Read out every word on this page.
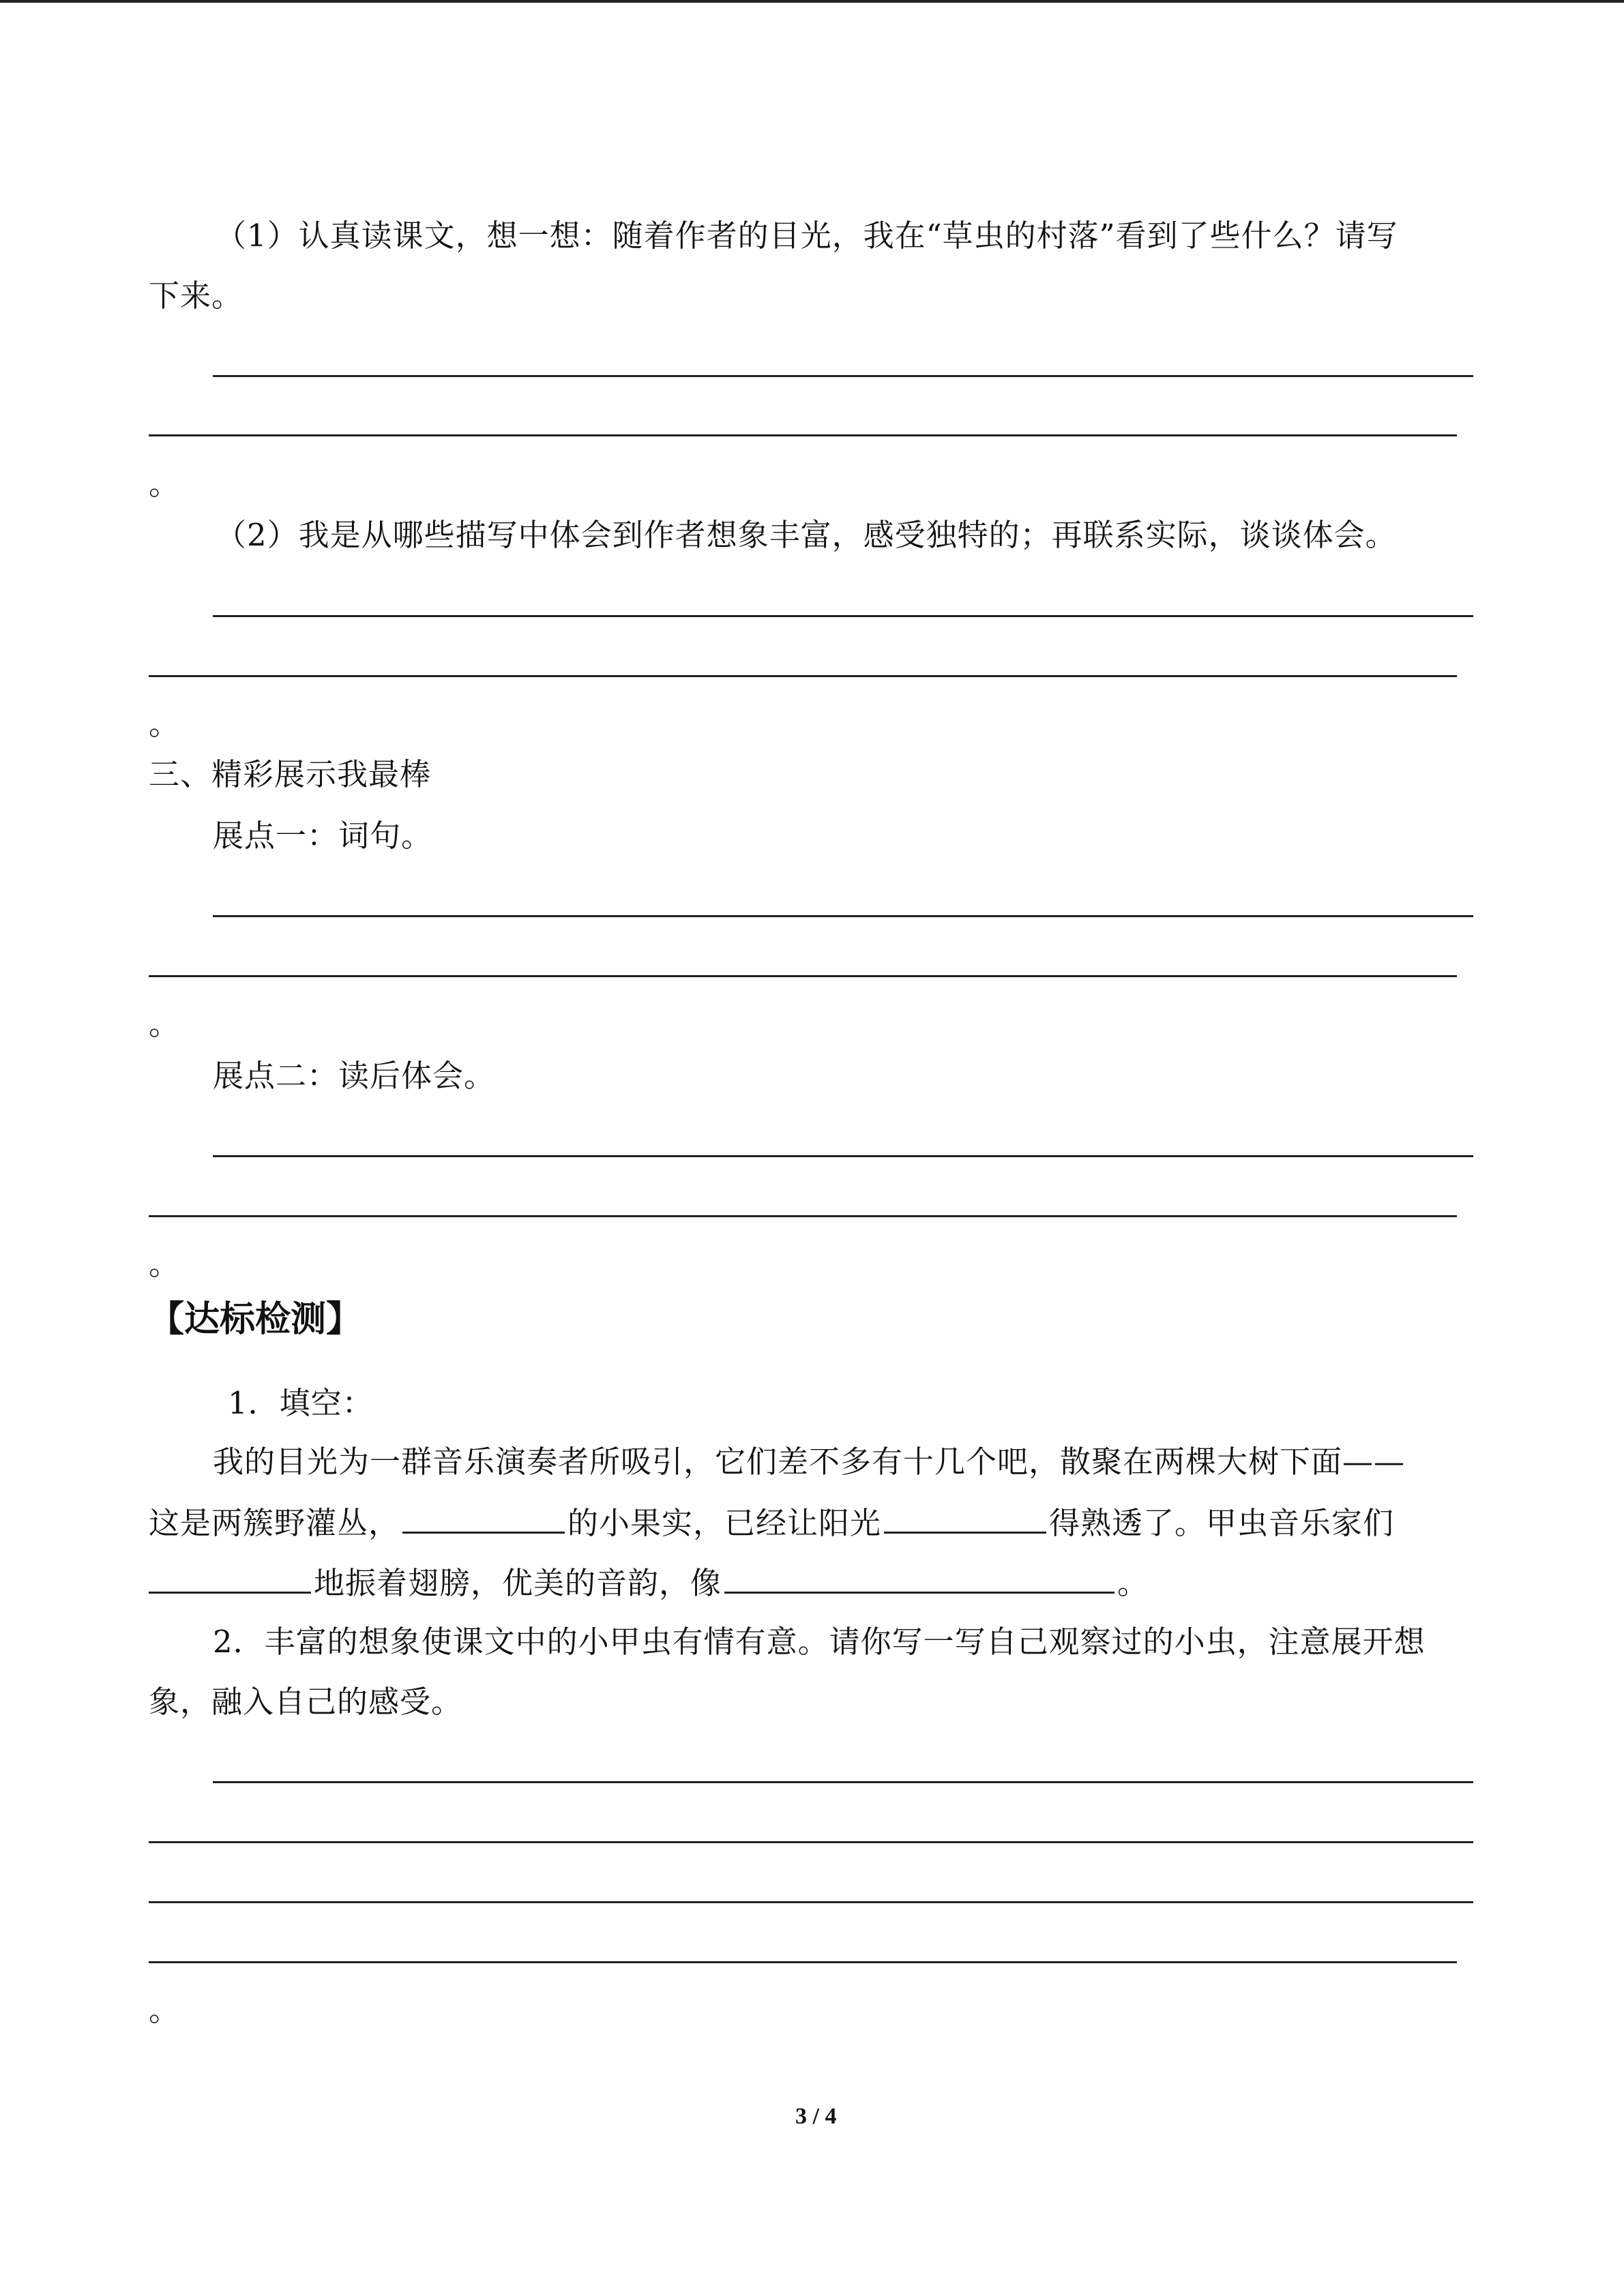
（1）认真读课文，想一想：随着作者的目光，我在“草虫的村落”看到了些什么？请写
下来。
。
（2）我是从哪些描写中体会到作者想象丰富，感受独特的；再联系实际，谈谈体会。
。
三、精彩展示我最棒
展点一：词句。
。
展点二：读后体会。
。
【达标检测】
1．填空：
我的目光为一群音乐演奏者所吸引，它们差不多有十几个吧，散聚在两棵大树下面——
这是两簇野灌丛，	的小果实，已经让阳光	得熟透了。甲虫音乐家们
地振着翅膀，优美的音韵，像	。
2．丰富的想象使课文中的小甲虫有情有意。请你写一写自己观察过的小虫，注意展开想
象，融入自己的感受。
。
3 / 4
